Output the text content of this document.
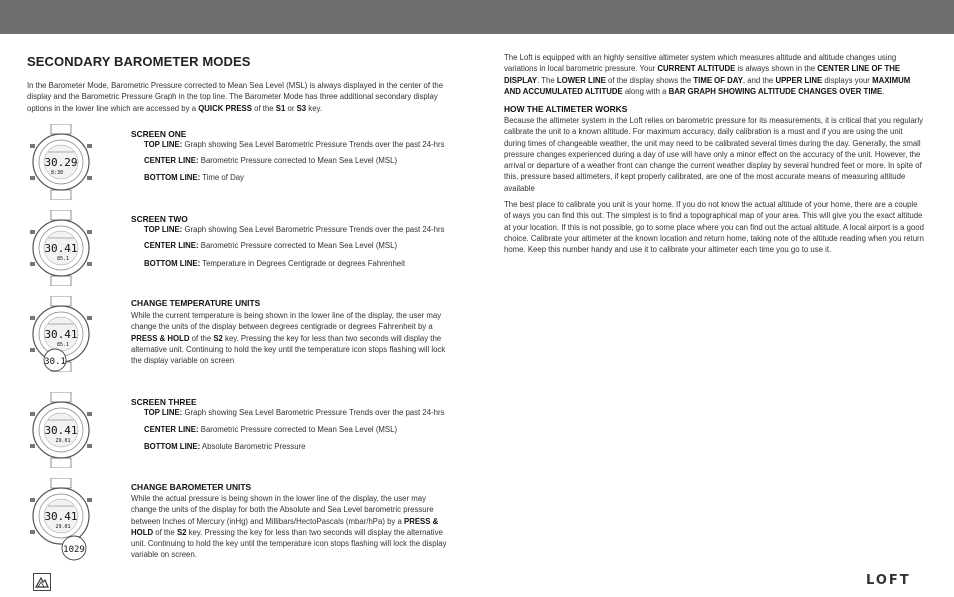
SECONDARY BAROMETER MODES

In the Barometer Mode, Barometric Pressure corrected to Mean Sea Level (MSL) is always displayed in the center of the display and the Barometric Pressure Graph in the top line. The Barometer Mode has three additional secondary display options in the lower line which are accessed by a QUICK PRESS of the S1 or S3 key.

30.29
8:38
30.41
85.1
30.41
85.1
30.1
30.41
29.01
30.41
29.01
1029
SCREEN ONE
TOP LINE: Graph showing Sea Level Barometric Pressure Trends over the past 24-hrs
CENTER LINE: Barometric Pressure corrected to Mean Sea Level (MSL)
BOTTOM LINE: Time of Day
SCREEN TWO
TOP LINE: Graph showing Sea Level Barometric Pressure Trends over the past 24-hrs
CENTER LINE: Barometric Pressure corrected to Mean Sea Level (MSL)
BOTTOM LINE: Temperature in Degrees Centigrade or degrees Fahrenheit
CHANGE TEMPERATURE UNITS

While the current temperature is being shown in the lower line of the display, the user may change the units of the display between degrees centigrade or degrees Fahrenheit by a PRESS & HOLD of the S2 key. Pressing the key for less than two seconds will display the alternative unit. Continuing to hold the key until the temperature icon stops flashing will lock the display variable on screen

SCREEN THREE
TOP LINE: Graph showing Sea Level Barometric Pressure Trends over the past 24-hrs
CENTER LINE: Barometric Pressure corrected to Mean Sea Level (MSL)
BOTTOM LINE: Absolute Barometric Pressure
CHANGE BAROMETER UNITS

While the actual pressure is being shown in the lower line of the display, the user may change the units of the display for both the Absolute and Sea Level barometric pressure between Inches of Mercury (inHg) and Millibars/HectoPascals (mbar/hPa) by a PRESS & HOLD of the S2 key. Pressing the key for less than two seconds will display the alternative unit. Continuing to hold the key until the temperature icon stops flashing will lock the display variable on screen.

The Loft is equipped with an highly sensitive altimeter system which measures altitude and altitude changes using variations in local barometric pressure. Your CURRENT ALTITUDE is always shown in the CENTER LINE OF THE DISPLAY. The LOWER LINE of the display shows the TIME OF DAY, and the UPPER LINE displays your MAXIMUM AND ACCUMULATED ALTITUDE along with a BAR GRAPH SHOWING ALTITUDE CHANGES OVER TIME.

HOW THE ALTIMETER WORKS

Because the altimeter system in the Loft relies on barometric pressure for its measurements, it is critical that you regularly calibrate the unit to a known altitude. For maximum accuracy, daily calibration is a must and if you are using the unit during times of changeable weather, the unit may need to be calibrated several times during the day. Generally, the small pressure changes experienced during a day of use will have only a minor effect on the accuracy of the unit. However, the arrival or departure of a weather front can change the current weather display by several hundred feet or more. In spite of this, pressure based altimeters, if kept properly calibrated, are one of the most accurate means of measuring altitude available

The best place to calibrate you unit is your home. If you do not know the actual altitude of your home, there are a couple of ways you can find this out. The simplest is to find a topographical map of your area. This will give you the exact altitude at your location. If this is not possible, go to some place where you can find out the actual altitude. A local airport is a good choice. Calibrate your altimeter at the known location and return home, taking note of the altitude reading when you return home. Keep this number handy and use it to calibrate your altimeter each time you go to use it.

LOFT
